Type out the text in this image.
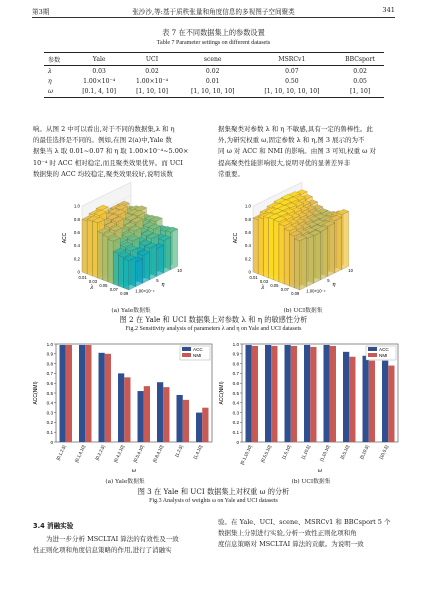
第3期	张沙沙,等:基于质秩张量和角度信息的多视图子空间聚类	341
表 7 在不同数据集上的参数设置
Table 7 Parameter settings on different datasets
参数	Yale	UCI	scene	MSRCv1	BBCsport
λ	0.03	0.02	0.02	0.07	0.02
η	1.00×10⁻⁴	1.00×10⁻⁴	0.01	0.50	0.05
ω	[0.1, 4, 10]	[1, 10, 10]	[1, 10, 10, 10]	[1, 10, 10, 10, 10]	[1, 10]
响。从图 2 中可以看出,对于不同的数据集,λ 和 η
的最佳选择是不同的。例如,在图 2(a)中,Yale 数
据集当 λ 取 0.01~0.07 和 η 取 1.00×10⁻⁴~5.00×
10⁻⁴ 时 ACC 相对稳定,而且聚类效果优异。而 UCI
数据集的 ACC 均较稳定,聚类效果较好,说明该数
据集聚类对参数 λ 和 η 不敏感,具有一定的鲁棒性。此
外,为研究权重 ω,固定参数 λ 和 η,图 3 展示的为不
同 ω 对 ACC 和 NMI 的影响。由图 3 可知,权重 ω 对
提高聚类性能影响很大,说明寻优的显著差异非
常重要。
0
0.2
0.4
0.6
0.8
1.0
ACC
0.01
0.03
0.05
0.07
0.09
λ	1.00×10⁻⁴
5
10
η
0
0.2
0.4
0.6
0.8
1.0
ACC
0.01
0.03
0.05
0.07
0.09
λ	1.00×10⁻⁴
5
10
η
(a) Yale数据集	(b) UCI数据集
图 2 在 Yale 和 UCI 数据集上对参数 λ 和 η 的敏感性分析
Fig.2 Sensitivity analysis of parameters λ and η on Yale and UCI datasets
0
0.1
0.2
0.3
0.4
0.5
0.6
0.7
0.8
0.9
1.0
ACC(NMI)
[0.1,2,5] [0.1,4,10] [0.2,2,5] [0.4,2,10] [0.5,4,10] [0.8,4,10] [1,2,5] [1,4,10]
ω
ACC
NMI
0
0.1
0.2
0.3
0.4
0.5
0.6
0.7
0.8
0.9
1.0
ACC(NMI)
[0.1,10,10] [0.5,5,10] [1,5,10] [1,10,5] [1,10,10] [5,5,10] [5,10,5] [10,5,5]
ω
ACC
NMI
(a) Yale数据集	(b) UCI数据集
图 3 在 Yale 和 UCI 数据集上对权重 ω 的分析
Fig.3 Analysis of weights ω on Yale and UCI datasets
3.4 消融实验
为进一步分析 MSCLTAI 算法的有效性及一致
性正则化项和角度信息策略的作用,进行了消融实
验。在 Yale、UCI、scene、MSRCv1 和 BBCsport 5 个
数据集上分别进行实验,分析一致性正则化项和角
度信息策略对 MSCLTAI 算法的贡献。为说明一致
